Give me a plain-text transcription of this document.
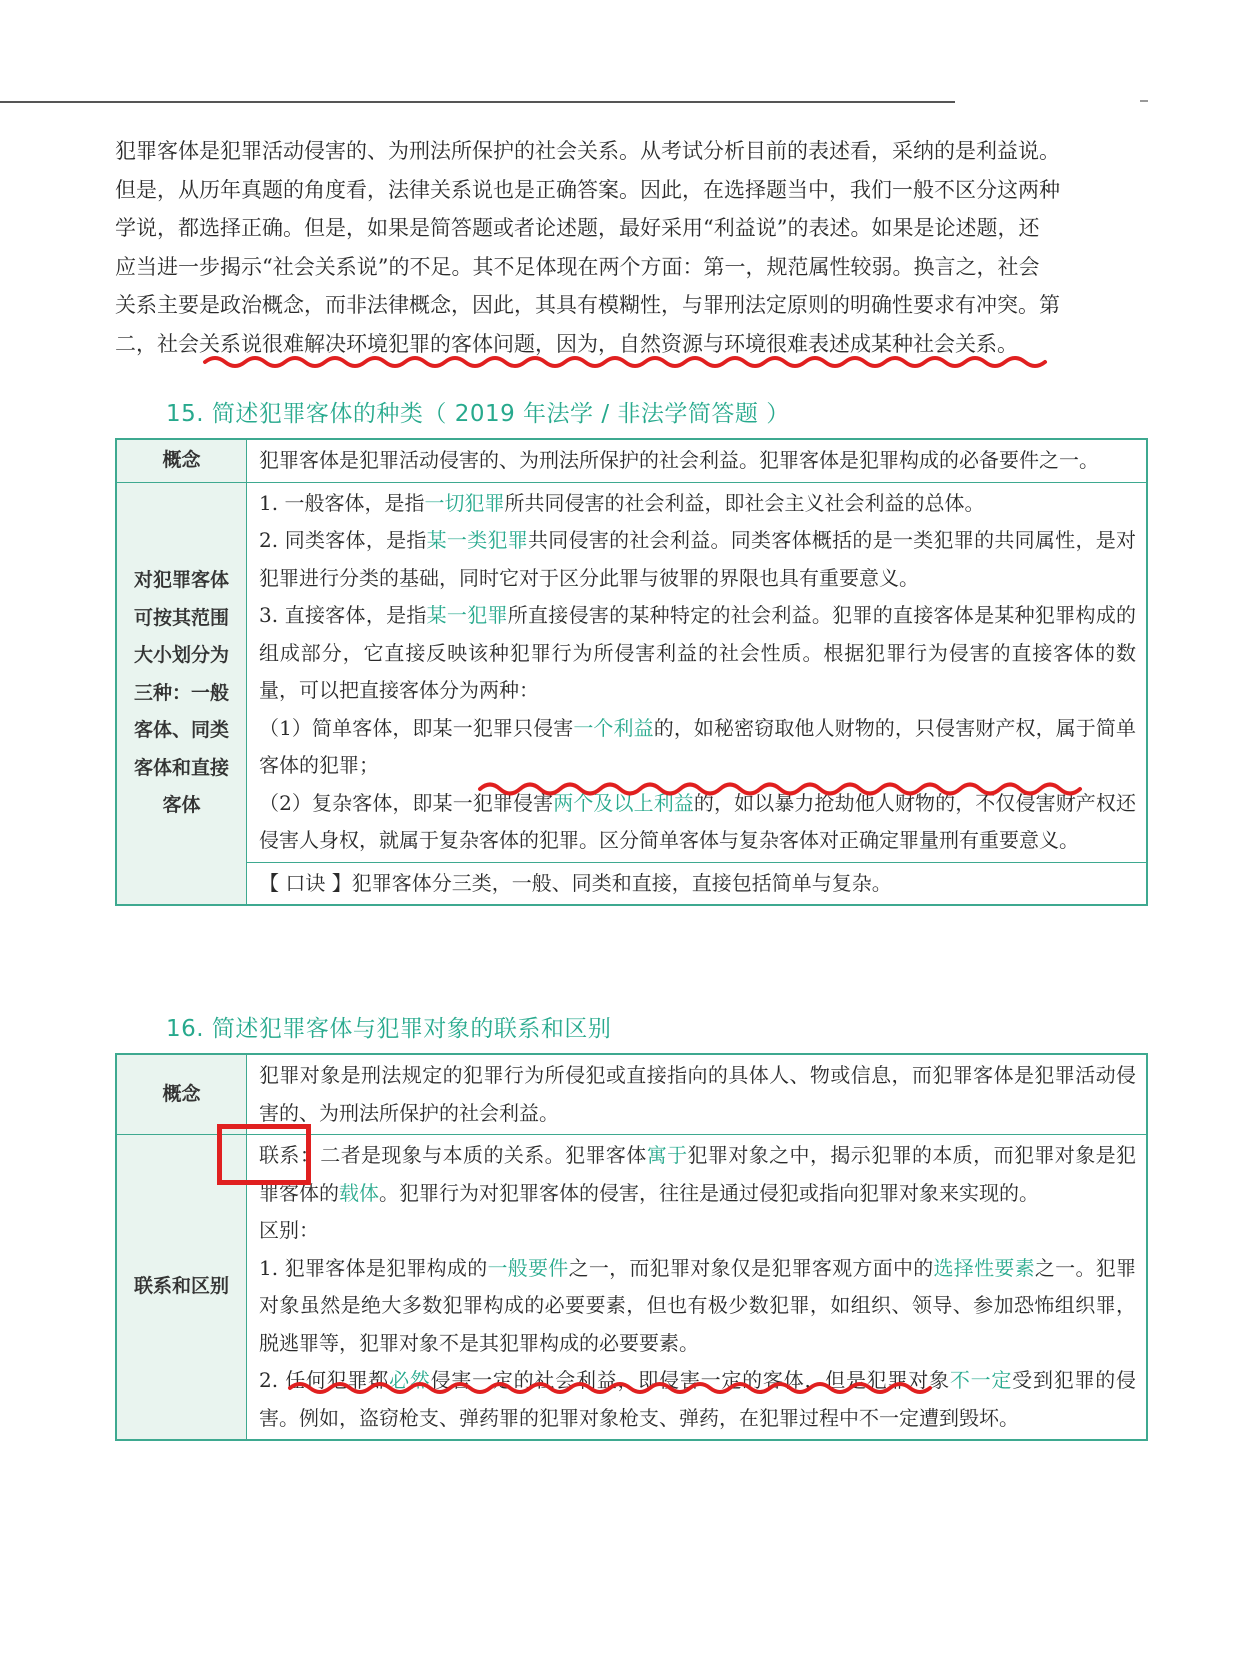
犯罪客体是犯罪活动侵害的、为刑法所保护的社会关系。从考试分析目前的表述看，采纳的是利益说。

但是，从历年真题的角度看，法律关系说也是正确答案。因此，在选择题当中，我们一般不区分这两种

学说，都选择正确。但是，如果是简答题或者论述题，最好采用“利益说”的表述。如果是论述题，还

应当进一步揭示“社会关系说”的不足。其不足体现在两个方面：第一，规范属性较弱。换言之，社会

关系主要是政治概念，而非法律概念，因此，其具有模糊性，与罪刑法定原则的明确性要求有冲突。第

二，社会关系说很难解决环境犯罪的客体问题，因为，自然资源与环境很难表述成某种社会关系。

15. 简述犯罪客体的种类（ 2019 年法学 / 非法学简答题 ）
概念	犯罪客体是犯罪活动侵害的、为刑法所保护的社会利益。犯罪客体是犯罪构成的必备要件之一。
对犯罪客体
可按其范围
大小划分为
三种：一般
客体、同类
客体和直接
客体

1. 一般客体，是指一切犯罪所共同侵害的社会利益，即社会主义社会利益的总体。

2. 同类客体，是指某一类犯罪共同侵害的社会利益。同类客体概括的是一类犯罪的共同属性，是对犯罪进行分类的基础，同时它对于区分此罪与彼罪的界限也具有重要意义。

3. 直接客体，是指某一犯罪所直接侵害的某种特定的社会利益。犯罪的直接客体是某种犯罪构成的组成部分，它直接反映该种犯罪行为所侵害利益的社会性质。根据犯罪行为侵害的直接客体的数量，可以把直接客体分为两种：

（1）简单客体，即某一犯罪只侵害一个利益的，如秘密窃取他人财物的，只侵害财产权，属于简单客体的犯罪；

（2）复杂客体，即某一犯罪侵害两个及以上利益的，如以暴力抢劫他人财物的，不仅侵害财产权还侵害人身权，就属于复杂客体的犯罪。区分简单客体与复杂客体对正确定罪量刑有重要意义。

【 口诀 】犯罪客体分三类，一般、同类和直接，直接包括简单与复杂。
16. 简述犯罪客体与犯罪对象的联系和区别
概念
犯罪对象是刑法规定的犯罪行为所侵犯或直接指向的具体人、物或信息，而犯罪客体是犯罪活动侵害的、为刑法所保护的社会利益。
联系和区别

联系：二者是现象与本质的关系。犯罪客体寓于犯罪对象之中，揭示犯罪的本质，而犯罪对象是犯罪客体的载体。犯罪行为对犯罪客体的侵害，往往是通过侵犯或指向犯罪对象来实现的。

区别：

1. 犯罪客体是犯罪构成的一般要件之一，而犯罪对象仅是犯罪客观方面中的选择性要素之一。犯罪对象虽然是绝大多数犯罪构成的必要要素，但也有极少数犯罪，如组织、领导、参加恐怖组织罪，脱逃罪等，犯罪对象不是其犯罪构成的必要要素。

2. 任何犯罪都必然侵害一定的社会利益，即侵害一定的客体，但是犯罪对象不一定受到犯罪的侵害。例如，盗窃枪支、弹药罪的犯罪对象枪支、弹药，在犯罪过程中不一定遭到毁坏。
